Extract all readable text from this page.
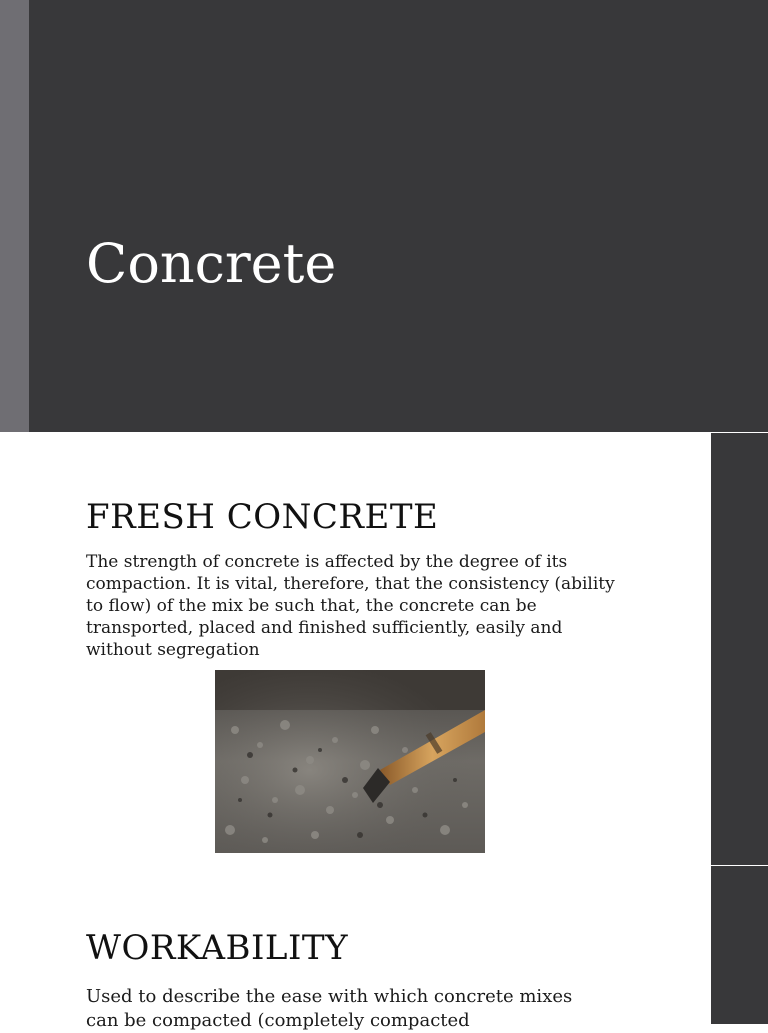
Concrete
FRESH CONCRETE

The strength of concrete is affected by the degree of its compaction. It is vital, therefore, that the consistency (ability to flow) of the mix be such that, the concrete can be transported, placed and finished sufficiently, easily and without segregation

WORKABILITY

Used to describe the ease with which concrete mixes can be compacted (completely compacted
